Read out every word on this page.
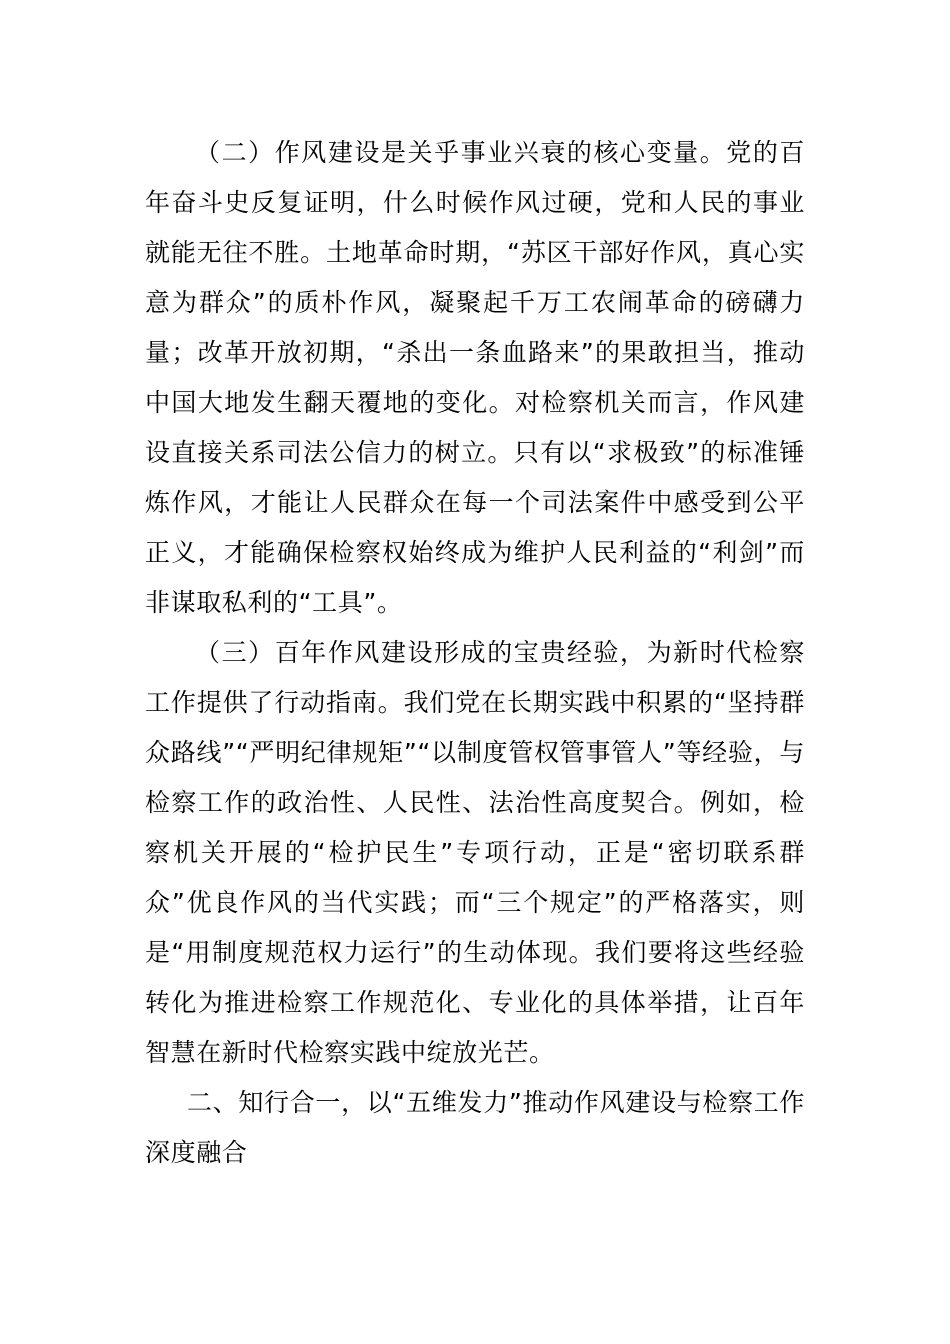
（二）作风建设是关乎事业兴衰的核心变量。党的百年奋斗史反复证明，什么时候作风过硬，党和人民的事业就能无往不胜。土地革命时期，“苏区干部好作风，真心实意为群众”的质朴作风，凝聚起千万工农闹革命的磅礴力量；改革开放初期，“杀出一条血路来”的果敢担当，推动中国大地发生翻天覆地的变化。对检察机关而言，作风建设直接关系司法公信力的树立。只有以“求极致”的标准锤炼作风，才能让人民群众在每一个司法案件中感受到公平正义，才能确保检察权始终成为维护人民利益的“利剑”而非谋取私利的“工具”。

（三）百年作风建设形成的宝贵经验，为新时代检察工作提供了行动指南。我们党在长期实践中积累的“坚持群众路线”“严明纪律规矩”“以制度管权管事管人”等经验，与检察工作的政治性、人民性、法治性高度契合。例如，检察机关开展的“检护民生”专项行动，正是“密切联系群众”优良作风的当代实践；而“三个规定”的严格落实，则是“用制度规范权力运行”的生动体现。我们要将这些经验转化为推进检察工作规范化、专业化的具体举措，让百年智慧在新时代检察实践中绽放光芒。

二、知行合一，以“五维发力”推动作风建设与检察工作深度融合
